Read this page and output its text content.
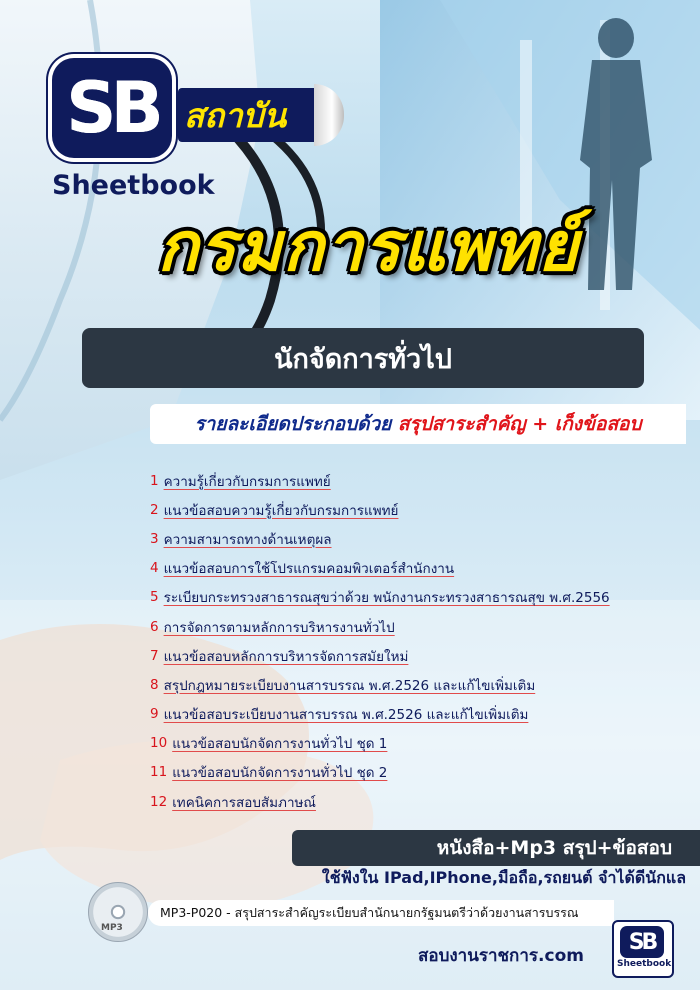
SB
Sheetbook
สถาบัน
กรมการแพทย์
นักจัดการทั่วไป
รายละเอียดประกอบด้วย สรุปสาระสำคัญ + เก็งข้อสอบ
1 ความรู้เกี่ยวกับกรมการแพทย์
2 แนวข้อสอบความรู้เกี่ยวกับกรมการแพทย์
3 ความสามารถทางด้านเหตุผล
4 แนวข้อสอบการใช้โปรแกรมคอมพิวเตอร์สำนักงาน
5 ระเบียบกระทรวงสาธารณสุขว่าด้วย พนักงานกระทรวงสาธารณสุข พ.ศ.2556
6 การจัดการตามหลักการบริหารงานทั่วไป
7 แนวข้อสอบหลักการบริหารจัดการสมัยใหม่
8 สรุปกฎหมายระเบียบงานสารบรรณ พ.ศ.2526 และแก้ไขเพิ่มเติม
9 แนวข้อสอบระเบียบงานสารบรรณ พ.ศ.2526 และแก้ไขเพิ่มเติม
10 แนวข้อสอบนักจัดการงานทั่วไป ชุด 1
11 แนวข้อสอบนักจัดการงานทั่วไป ชุด 2
12 เทคนิคการสอบสัมภาษณ์
หนังสือ+Mp3 สรุป+ข้อสอบ
ใช้ฟังใน IPad,IPhone,มือถือ,รถยนต์ จำได้ดีนักแล
MP3
MP3-P020 - สรุปสาระสำคัญระเบียบสำนักนายกรัฐมนตรีว่าด้วยงานสารบรรณ
สอบงานราชการ.com
SB
Sheetbook
